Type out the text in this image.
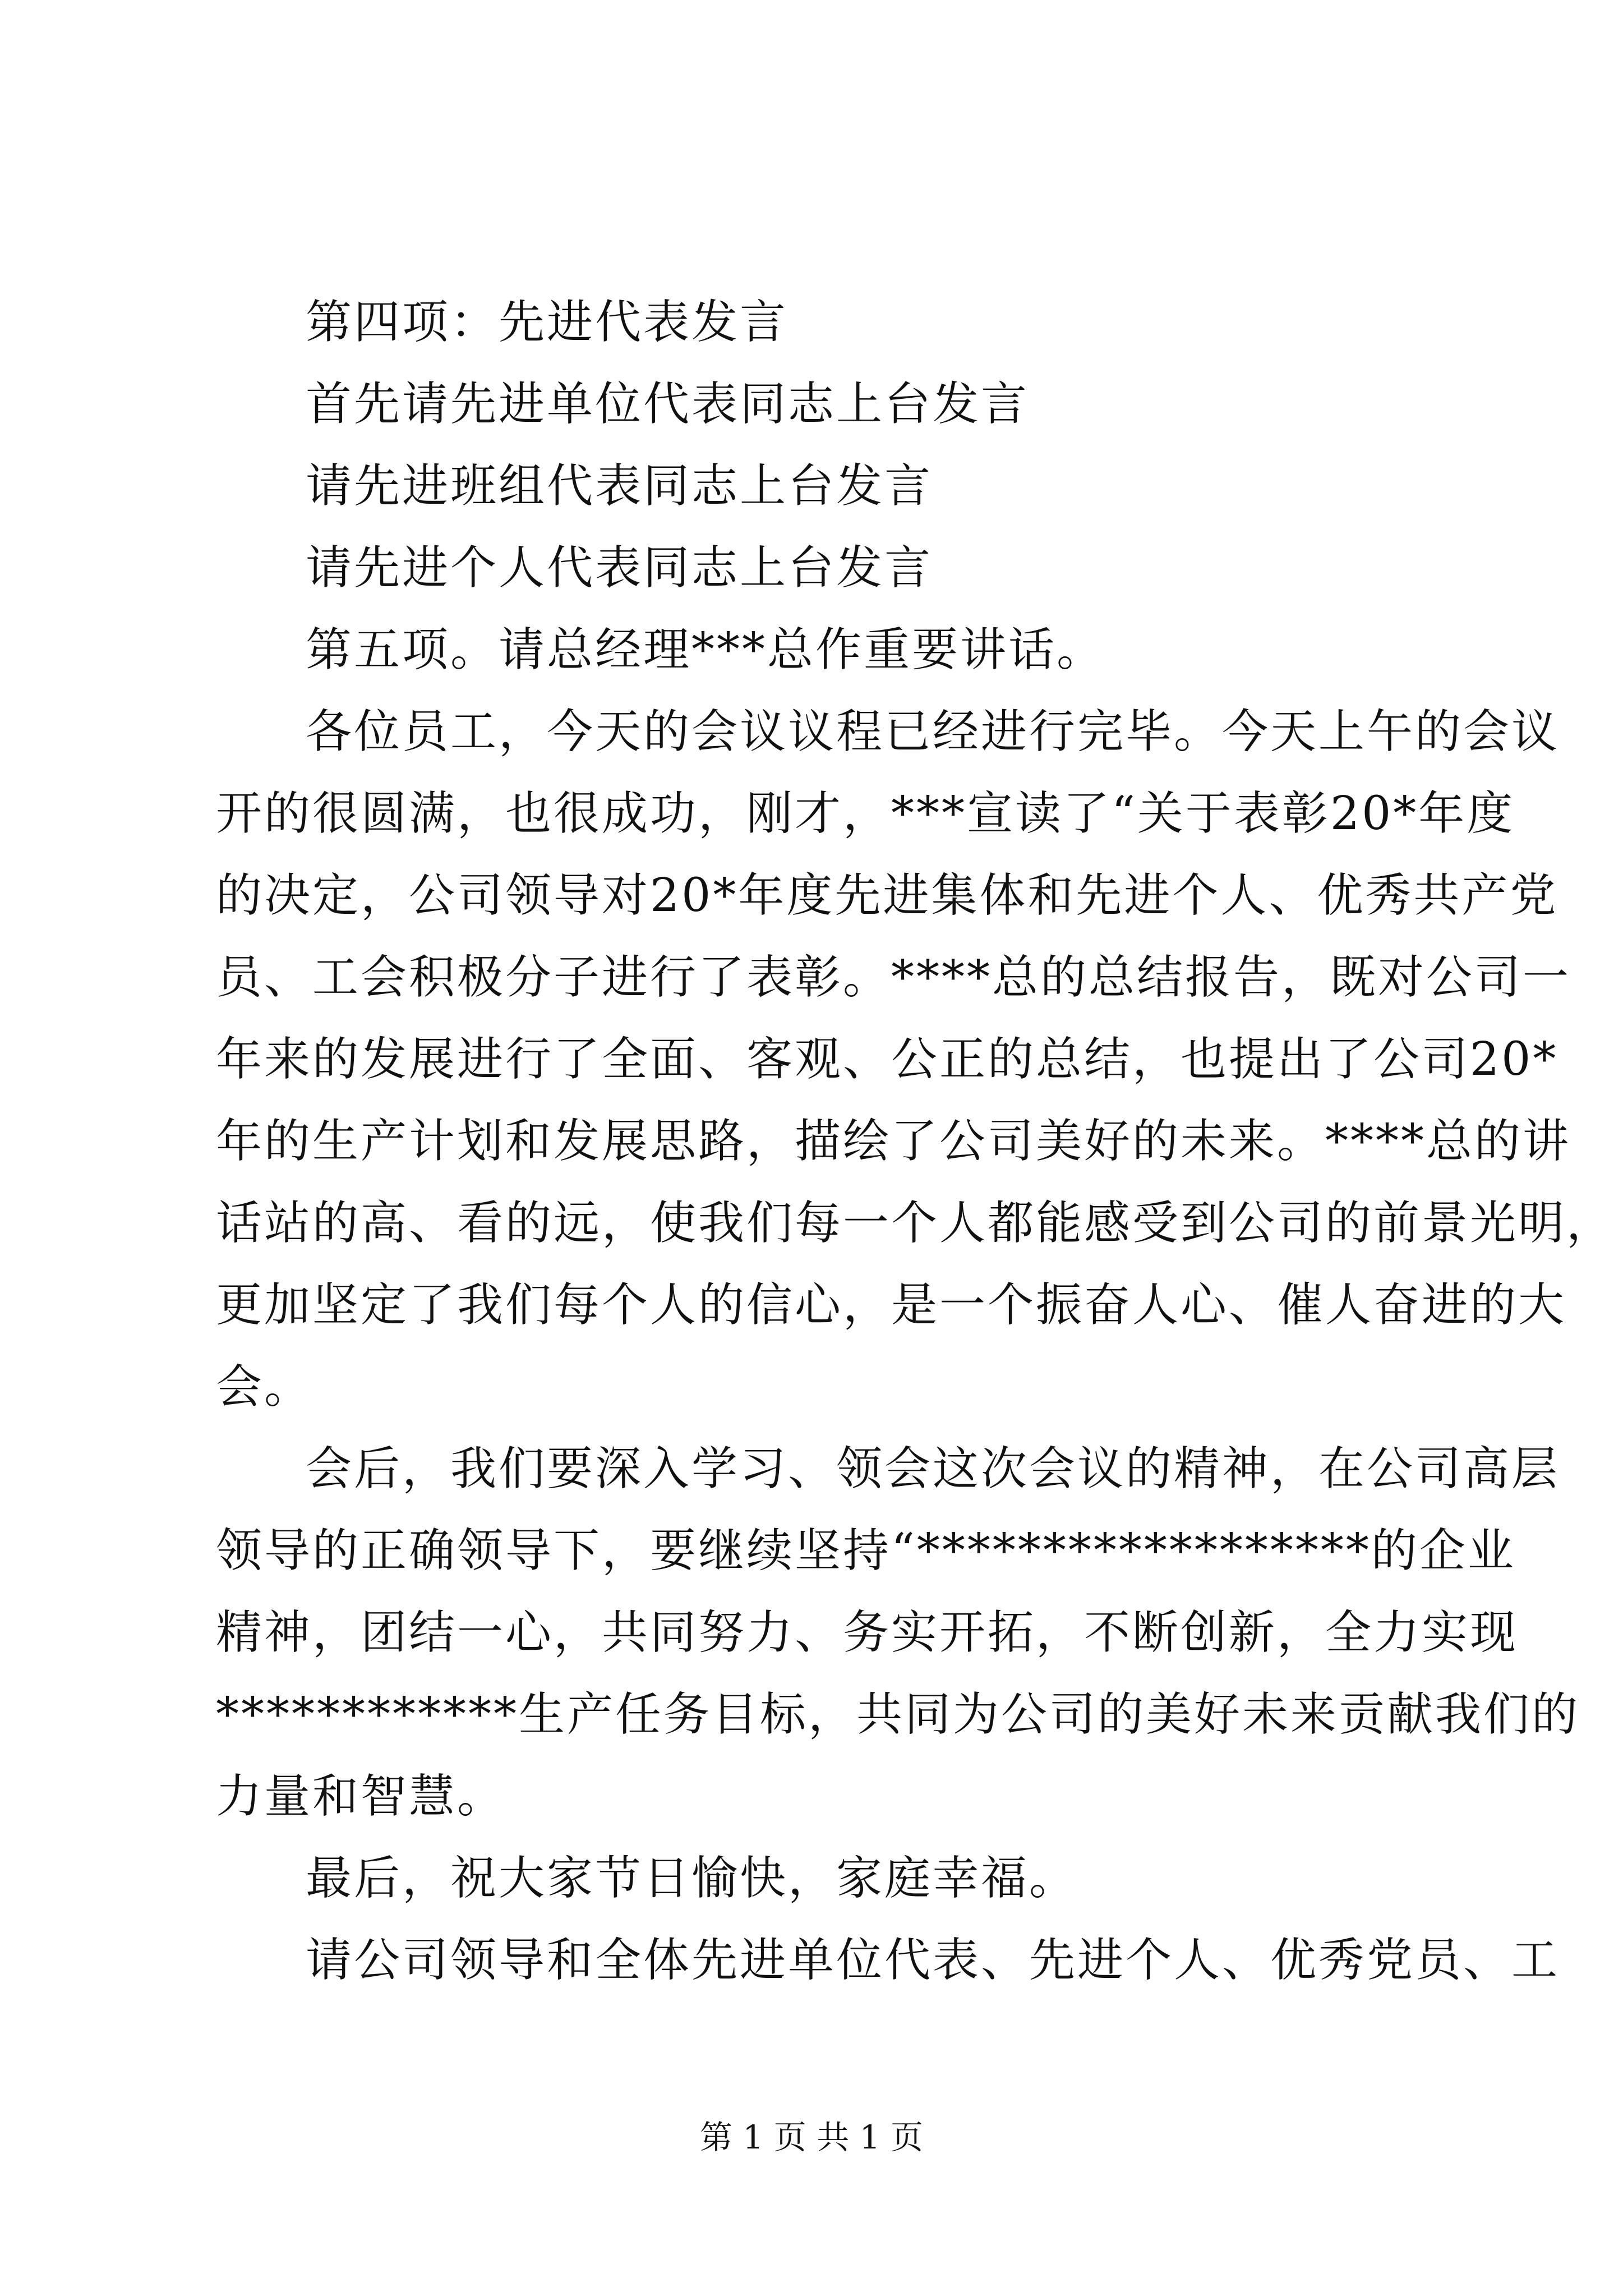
第四项：先进代表发言
首先请先进单位代表同志上台发言
请先进班组代表同志上台发言
请先进个人代表同志上台发言
第五项。请总经理***总作重要讲话。
各位员工，今天的会议议程已经进行完毕。今天上午的会议
开的很圆满，也很成功，刚才，***宣读了“关于表彰20*年度
的决定，公司领导对20*年度先进集体和先进个人、优秀共产党
员、工会积极分子进行了表彰。****总的总结报告，既对公司一
年来的发展进行了全面、客观、公正的总结，也提出了公司20*
年的生产计划和发展思路，描绘了公司美好的未来。****总的讲
话站的高、看的远，使我们每一个人都能感受到公司的前景光明，
更加坚定了我们每个人的信心，是一个振奋人心、催人奋进的大
会。
会后，我们要深入学习、领会这次会议的精神，在公司高层
领导的正确领导下，要继续坚持“******************的企业
精神，团结一心，共同努力、务实开拓，不断创新，全力实现
************生产任务目标，共同为公司的美好未来贡献我们的
力量和智慧。
最后，祝大家节日愉快，家庭幸福。
请公司领导和全体先进单位代表、先进个人、优秀党员、工
第 1 页 共 1 页
